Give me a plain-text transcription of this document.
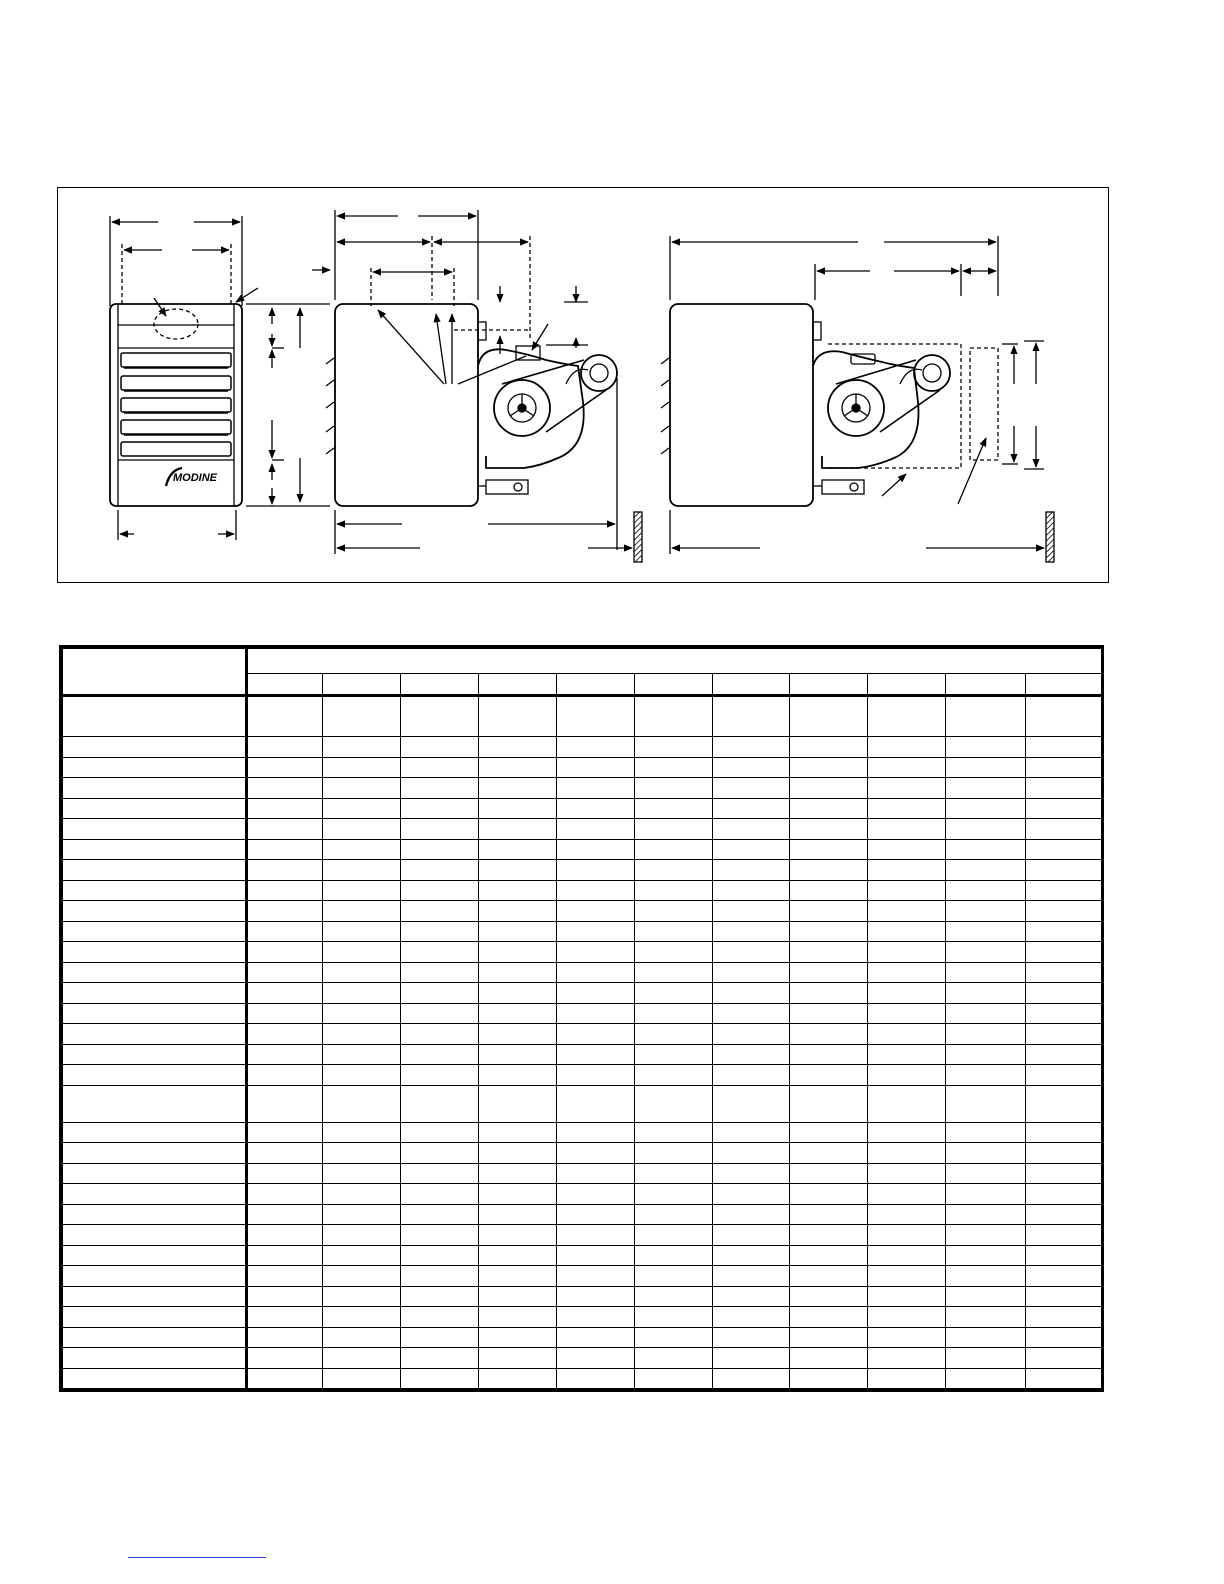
MODINE
